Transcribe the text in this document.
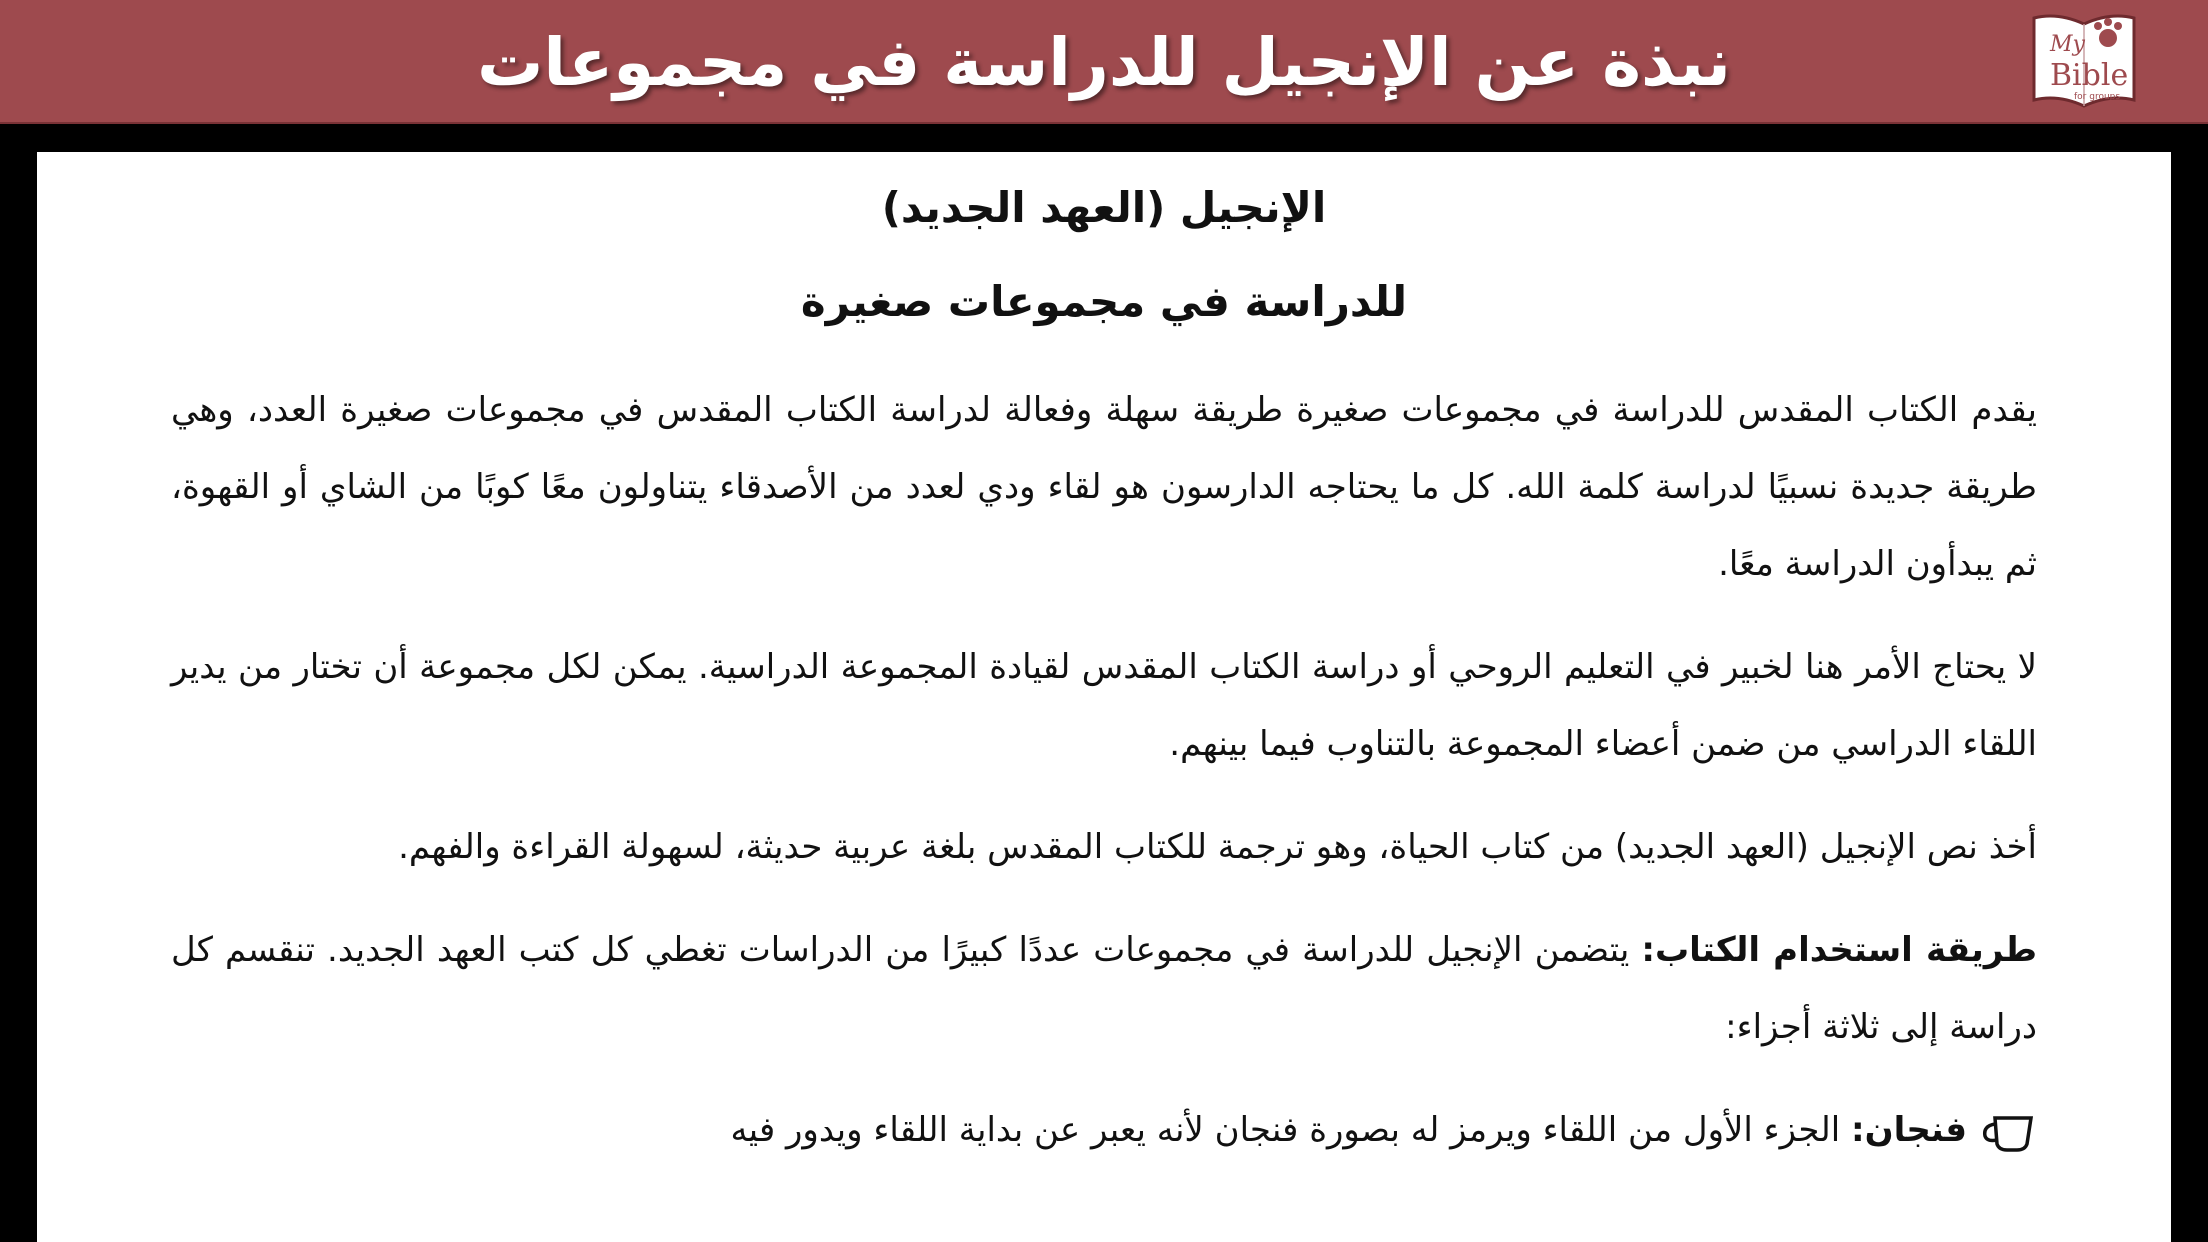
نبذة عن الإنجيل للدراسة في مجموعات	My
Bible
for groups

الإنجيل (العهد الجديد)

للدراسة في مجموعات صغيرة

يقدم الكتاب المقدس للدراسة في مجموعات صغيرة طريقة سهلة وفعالة لدراسة الكتاب المقدس في مجموعات صغيرة العدد، وهي طريقة جديدة نسبيًا لدراسة كلمة الله. كل ما يحتاجه الدارسون هو لقاء ودي لعدد من الأصدقاء يتناولون معًا كوبًا من الشاي أو القهوة، ثم يبدأون الدراسة معًا.

لا يحتاج الأمر هنا لخبير في التعليم الروحي أو دراسة الكتاب المقدس لقيادة المجموعة الدراسية. يمكن لكل مجموعة أن تختار من يدير اللقاء الدراسي من ضمن أعضاء المجموعة بالتناوب فيما بينهم.

أخذ نص الإنجيل (العهد الجديد) من كتاب الحياة، وهو ترجمة للكتاب المقدس بلغة عربية حديثة، لسهولة القراءة والفهم.

طريقة استخدام الكتاب: يتضمن الإنجيل للدراسة في مجموعات عددًا كبيرًا من الدراسات تغطي كل كتب العهد الجديد. تنقسم كل دراسة إلى ثلاثة أجزاء:

فنجان: الجزء الأول من اللقاء ويرمز له بصورة فنجان لأنه يعبر عن بداية اللقاء ويدور فيه
